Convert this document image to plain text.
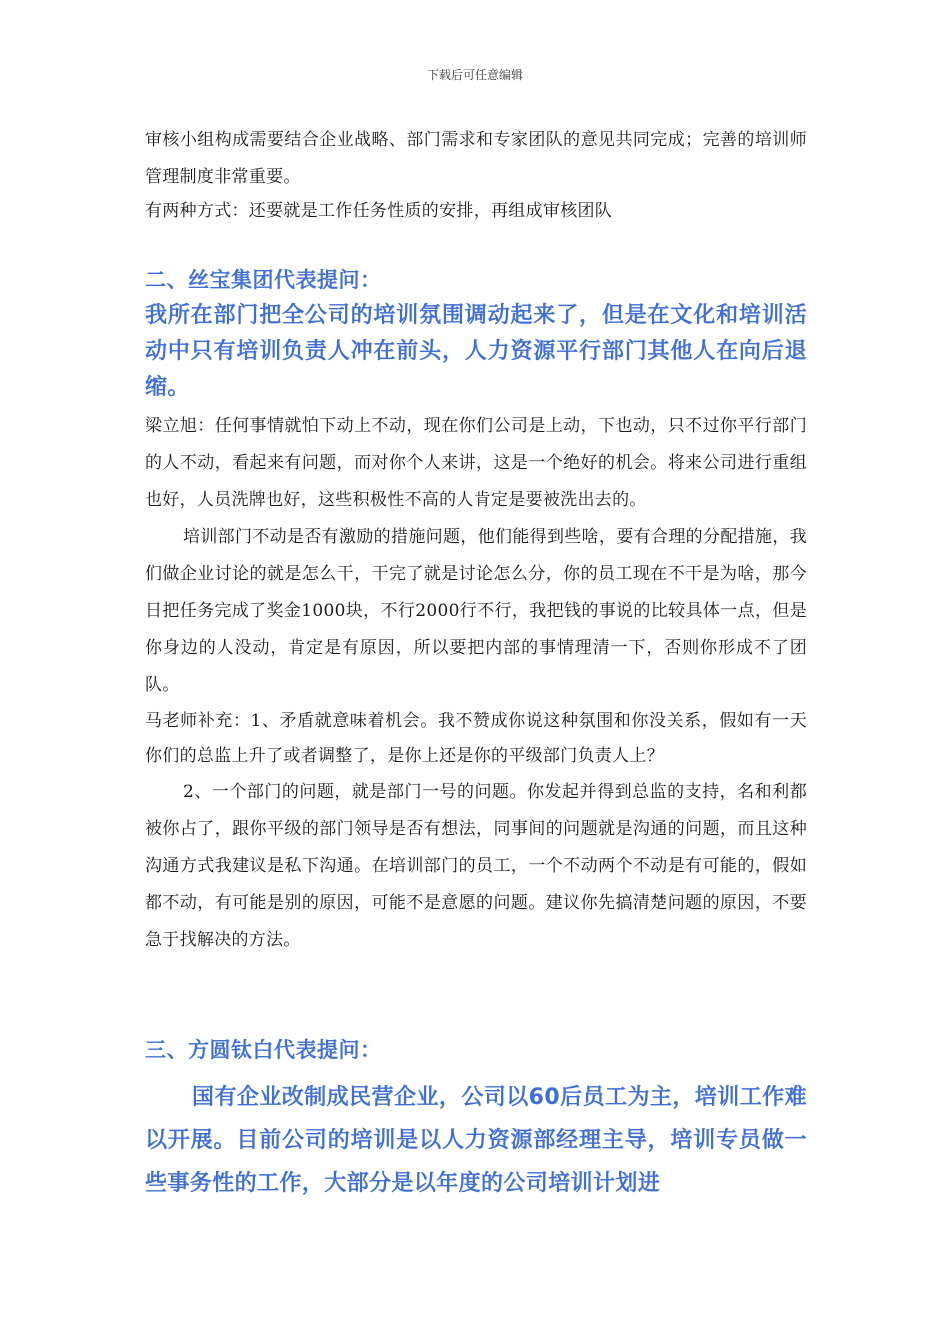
下载后可任意编辑

审核小组构成需要结合企业战略、部门需求和专家团队的意见共同完成；完善的培训师管理制度非常重要。

有两种方式：还要就是工作任务性质的安排，再组成审核团队

二、丝宝集团代表提问：

我所在部门把全公司的培训氛围调动起来了，但是在文化和培训活动中只有培训负责人冲在前头，人力资源平行部门其他人在向后退缩。

梁立旭：任何事情就怕下动上不动，现在你们公司是上动，下也动，只不过你平行部门的人不动，看起来有问题，而对你个人来讲，这是一个绝好的机会。将来公司进行重组也好，人员洗牌也好，这些积极性不高的人肯定是要被洗出去的。

培训部门不动是否有激励的措施问题，他们能得到些啥，要有合理的分配措施，我们做企业讨论的就是怎么干，干完了就是讨论怎么分，你的员工现在不干是为啥，那今日把任务完成了奖金1000块，不行2000行不行，我把钱的事说的比较具体一点，但是你身边的人没动，肯定是有原因，所以要把内部的事情理清一下，否则你形成不了团队。

马老师补充：1、矛盾就意味着机会。我不赞成你说这种氛围和你没关系，假如有一天你们的总监上升了或者调整了，是你上还是你的平级部门负责人上？

2、一个部门的问题，就是部门一号的问题。你发起并得到总监的支持，名和利都被你占了，跟你平级的部门领导是否有想法，同事间的问题就是沟通的问题，而且这种沟通方式我建议是私下沟通。在培训部门的员工，一个不动两个不动是有可能的，假如都不动，有可能是别的原因，可能不是意愿的问题。建议你先搞清楚问题的原因，不要急于找解决的方法。

三、方圆钛白代表提问：

国有企业改制成民营企业，公司以60后员工为主，培训工作难以开展。目前公司的培训是以人力资源部经理主导，培训专员做一些事务性的工作，大部分是以年度的公司培训计划进
